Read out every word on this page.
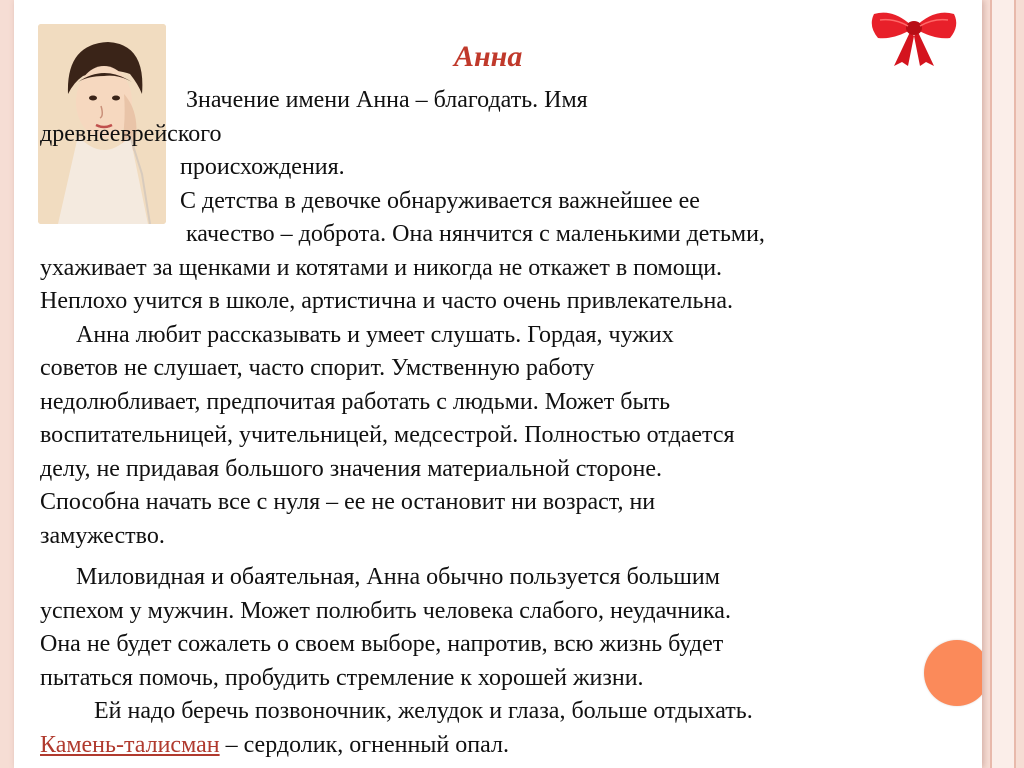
Анна

Значение имени Анна – благодать. Имя

древнееврейского

происхождения.

С детства в девочке обнаруживается важнейшее ее

качество – доброта. Она нянчится с маленькими детьми,

ухаживает за щенками и котятами и никогда не откажет в помощи.

Неплохо учится в школе, артистична и часто очень привлекательна.

Анна любит рассказывать и умеет слушать. Гордая, чужих

советов не слушает, часто спорит. Умственную работу

недолюбливает, предпочитая работать с людьми. Может быть

воспитательницей, учительницей, медсестрой. Полностью отдается

делу, не придавая большого значения материальной стороне.

Способна начать все с нуля – ее не остановит ни возраст, ни

замужество.

Миловидная и обаятельная, Анна обычно пользуется большим

успехом у мужчин. Может полюбить человека слабого, неудачника.

Она не будет сожалеть о своем выборе, напротив, всю жизнь будет

пытаться помочь, пробудить стремление к хорошей жизни.

Ей надо беречь позвоночник, желудок и глаза, больше отдыхать.

Камень-талисман – сердолик, огненный опал.
